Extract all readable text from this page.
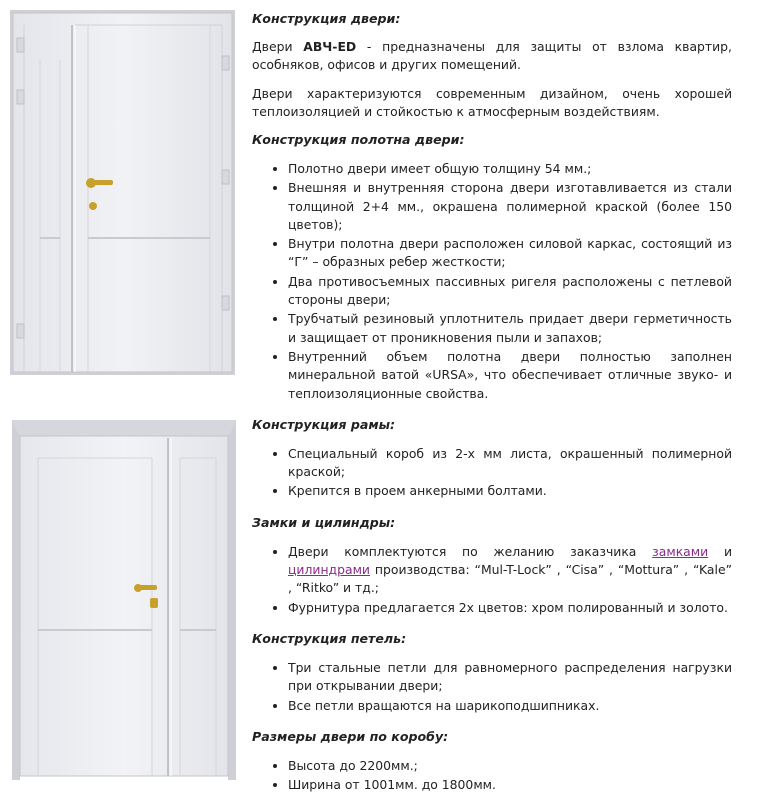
Конструкция двери:

Двери АВЧ-ED - предназначены для защиты от взлома квартир, особняков, офисов и других помещений.

Двери характеризуются современным дизайном, очень хорошей теплоизоляцией и стойкостью к атмосферным воздействиям.

Конструкция полотна двери:
• Полотно двери имеет общую толщину 54 мм.;
• Внешняя и внутренняя сторона двери изготавливается из стали толщиной 2+4 мм., окрашена полимерной краской (более 150 цветов);
• Внутри полотна двери расположен силовой каркас, состоящий из “Г” – образных ребер жесткости;
• Два противосъемных пассивных ригеля расположены с петлевой стороны двери;
• Трубчатый резиновый уплотнитель придает двери герметичность и защищает от проникновения пыли и запахов;
• Внутренний объем полотна двери полностью заполнен минеральной ватой «URSA», что обеспечивает отличные звуко- и теплоизоляционные свойства.
Конструкция рамы:
• Специальный короб из 2-х мм листа, окрашенный полимерной краской;
• Крепится в проем анкерными болтами.
Замки и цилиндры:
• Двери комплектуются по желанию заказчика замками и цилиндрами производства: “Mul-T-Lock” , “Cisa” , “Mottura” , “Kale” , “Ritko” и тд.;
• Фурнитура предлагается 2х цветов: хром полированный и золото.
Конструкция петель:
• Три стальные петли для равномерного распределения нагрузки при открывании двери;
• Все петли вращаются на шарикоподшипниках.
Размеры двери по коробу:
• Высота до 2200мм.;
• Ширина от 1001мм. до 1800мм.
